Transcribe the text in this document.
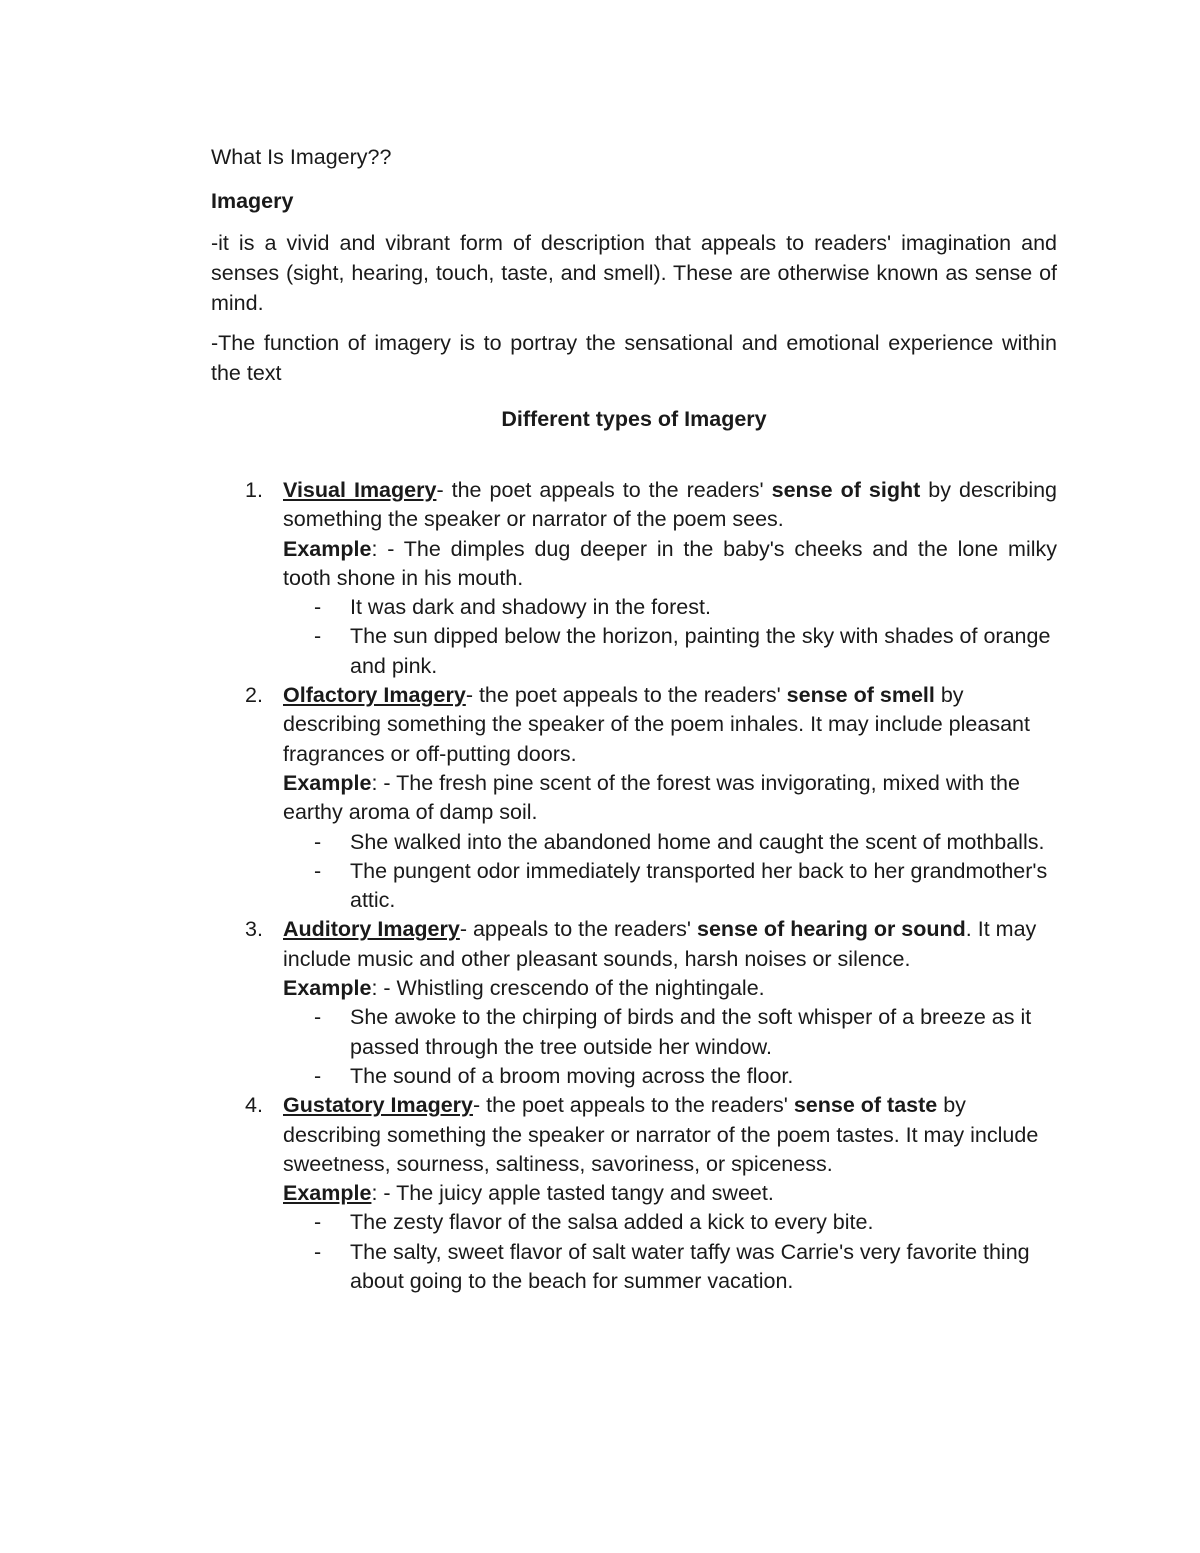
What Is Imagery??

Imagery

-it is a vivid and vibrant form of description that appeals to readers' imagination and senses (sight, hearing, touch, taste, and smell). These are otherwise known as sense of mind.

-The function of imagery is to portray the sensational and emotional experience within the text

Different types of Imagery

1. Visual Imagery- the poet appeals to the readers' sense of sight by describing something the speaker or narrator of the poem sees.
Example: - The dimples dug deeper in the baby's cheeks and the lone milky tooth shone in his mouth.
- It was dark and shadowy in the forest.
- The sun dipped below the horizon, painting the sky with shades of orange and pink.
2. Olfactory Imagery- the poet appeals to the readers' sense of smell by describing something the speaker of the poem inhales. It may include pleasant fragrances or off-putting doors.
Example: - The fresh pine scent of the forest was invigorating, mixed with the earthy aroma of damp soil.
- She walked into the abandoned home and caught the scent of mothballs.
- The pungent odor immediately transported her back to her grandmother's attic.
3. Auditory Imagery- appeals to the readers' sense of hearing or sound. It may include music and other pleasant sounds, harsh noises or silence.
Example: - Whistling crescendo of the nightingale.
- She awoke to the chirping of birds and the soft whisper of a breeze as it passed through the tree outside her window.
- The sound of a broom moving across the floor.
4. Gustatory Imagery- the poet appeals to the readers' sense of taste by describing something the speaker or narrator of the poem tastes. It may include sweetness, sourness, saltiness, savoriness, or spiceness.
Example: - The juicy apple tasted tangy and sweet.
- The zesty flavor of the salsa added a kick to every bite.
- The salty, sweet flavor of salt water taffy was Carrie's very favorite thing about going to the beach for summer vacation.
